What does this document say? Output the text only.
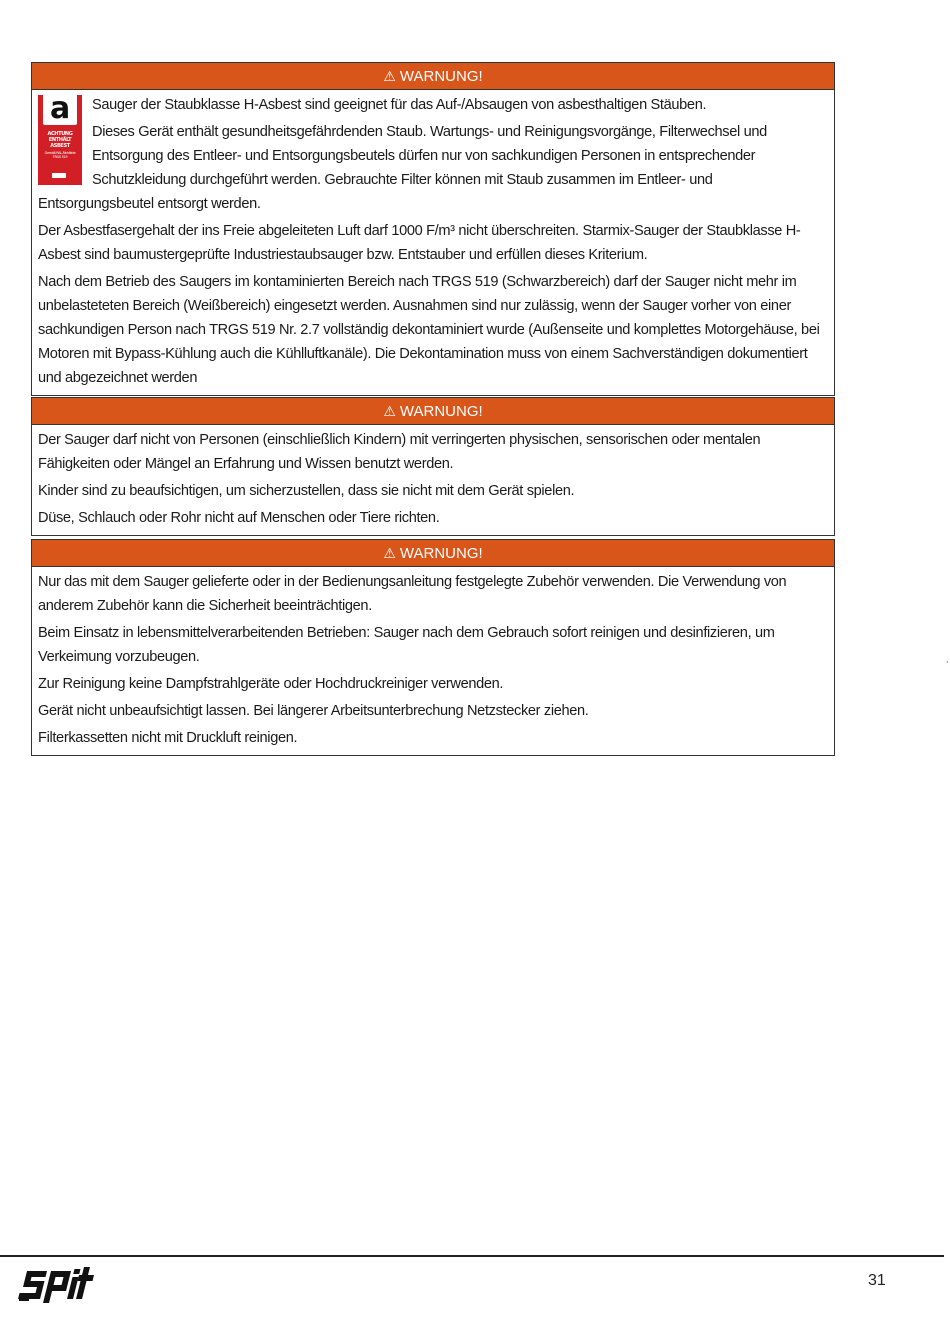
⚠ WARNUNG!
a
ACHTUNG ENTHÄLT ASBEST
Gemäß RAL-Richtlinie TRGS 519

Sauger der Staubklasse H-Asbest sind geeignet für das Auf-/Absaugen von asbesthaltigen Stäuben.

Dieses Gerät enthält gesundheitsgefährdenden Staub. Wartungs- und Reinigungsvorgänge, Filterwechsel und Entsorgung des Entleer- und Entsorgungsbeutels dürfen nur von sachkundigen Personen in entsprechender Schutzkleidung durchgeführt werden. Gebrauchte Filter können mit Staub zusammen im Entleer- und Entsorgungsbeutel entsorgt werden.

Der Asbestfasergehalt der ins Freie abgeleiteten Luft darf 1000 F/m³ nicht überschreiten. Starmix-Sauger der Staubklasse H-Asbest sind baumustergeprüfte Industriestaubsauger bzw. Entstauber und erfüllen dieses Kriterium.

Nach dem Betrieb des Saugers im kontaminierten Bereich nach TRGS 519 (Schwarzbereich) darf der Sauger nicht mehr im unbelasteteten Bereich (Weißbereich) eingesetzt werden. Ausnahmen sind nur zulässig, wenn der Sauger vorher von einer sachkundigen Person nach TRGS 519 Nr. 2.7 vollständig dekontaminiert wurde (Außenseite und komplettes Motorgehäuse, bei Motoren mit Bypass-Kühlung auch die Kühlluftkanäle). Die Dekontamination muss von einem Sachverständigen dokumentiert und abgezeichnet werden

⚠ WARNUNG!

Der Sauger darf nicht von Personen (einschließlich Kindern) mit verringerten physischen, sensorischen oder mentalen Fähigkeiten oder Mängel an Erfahrung und Wissen benutzt werden.

Kinder sind zu beaufsichtigen, um sicherzustellen, dass sie nicht mit dem Gerät spielen.

Düse, Schlauch oder Rohr nicht auf Menschen oder Tiere richten.

⚠ WARNUNG!

Nur das mit dem Sauger gelieferte oder in der Bedienungsanleitung festgelegte Zubehör verwenden. Die Verwendung von anderem Zubehör kann die Sicherheit beeinträchtigen.

Beim Einsatz in lebensmittelverarbeitenden Betrieben: Sauger nach dem Gebrauch sofort reinigen und desinfizieren, um Verkeimung vorzubeugen.

Zur Reinigung keine Dampfstrahlgeräte oder Hochdruckreiniger verwenden.

Gerät nicht unbeaufsichtigt lassen. Bei längerer Arbeitsunterbrechung Netzstecker ziehen.

Filterkassetten nicht mit Druckluft reinigen.

,
31
